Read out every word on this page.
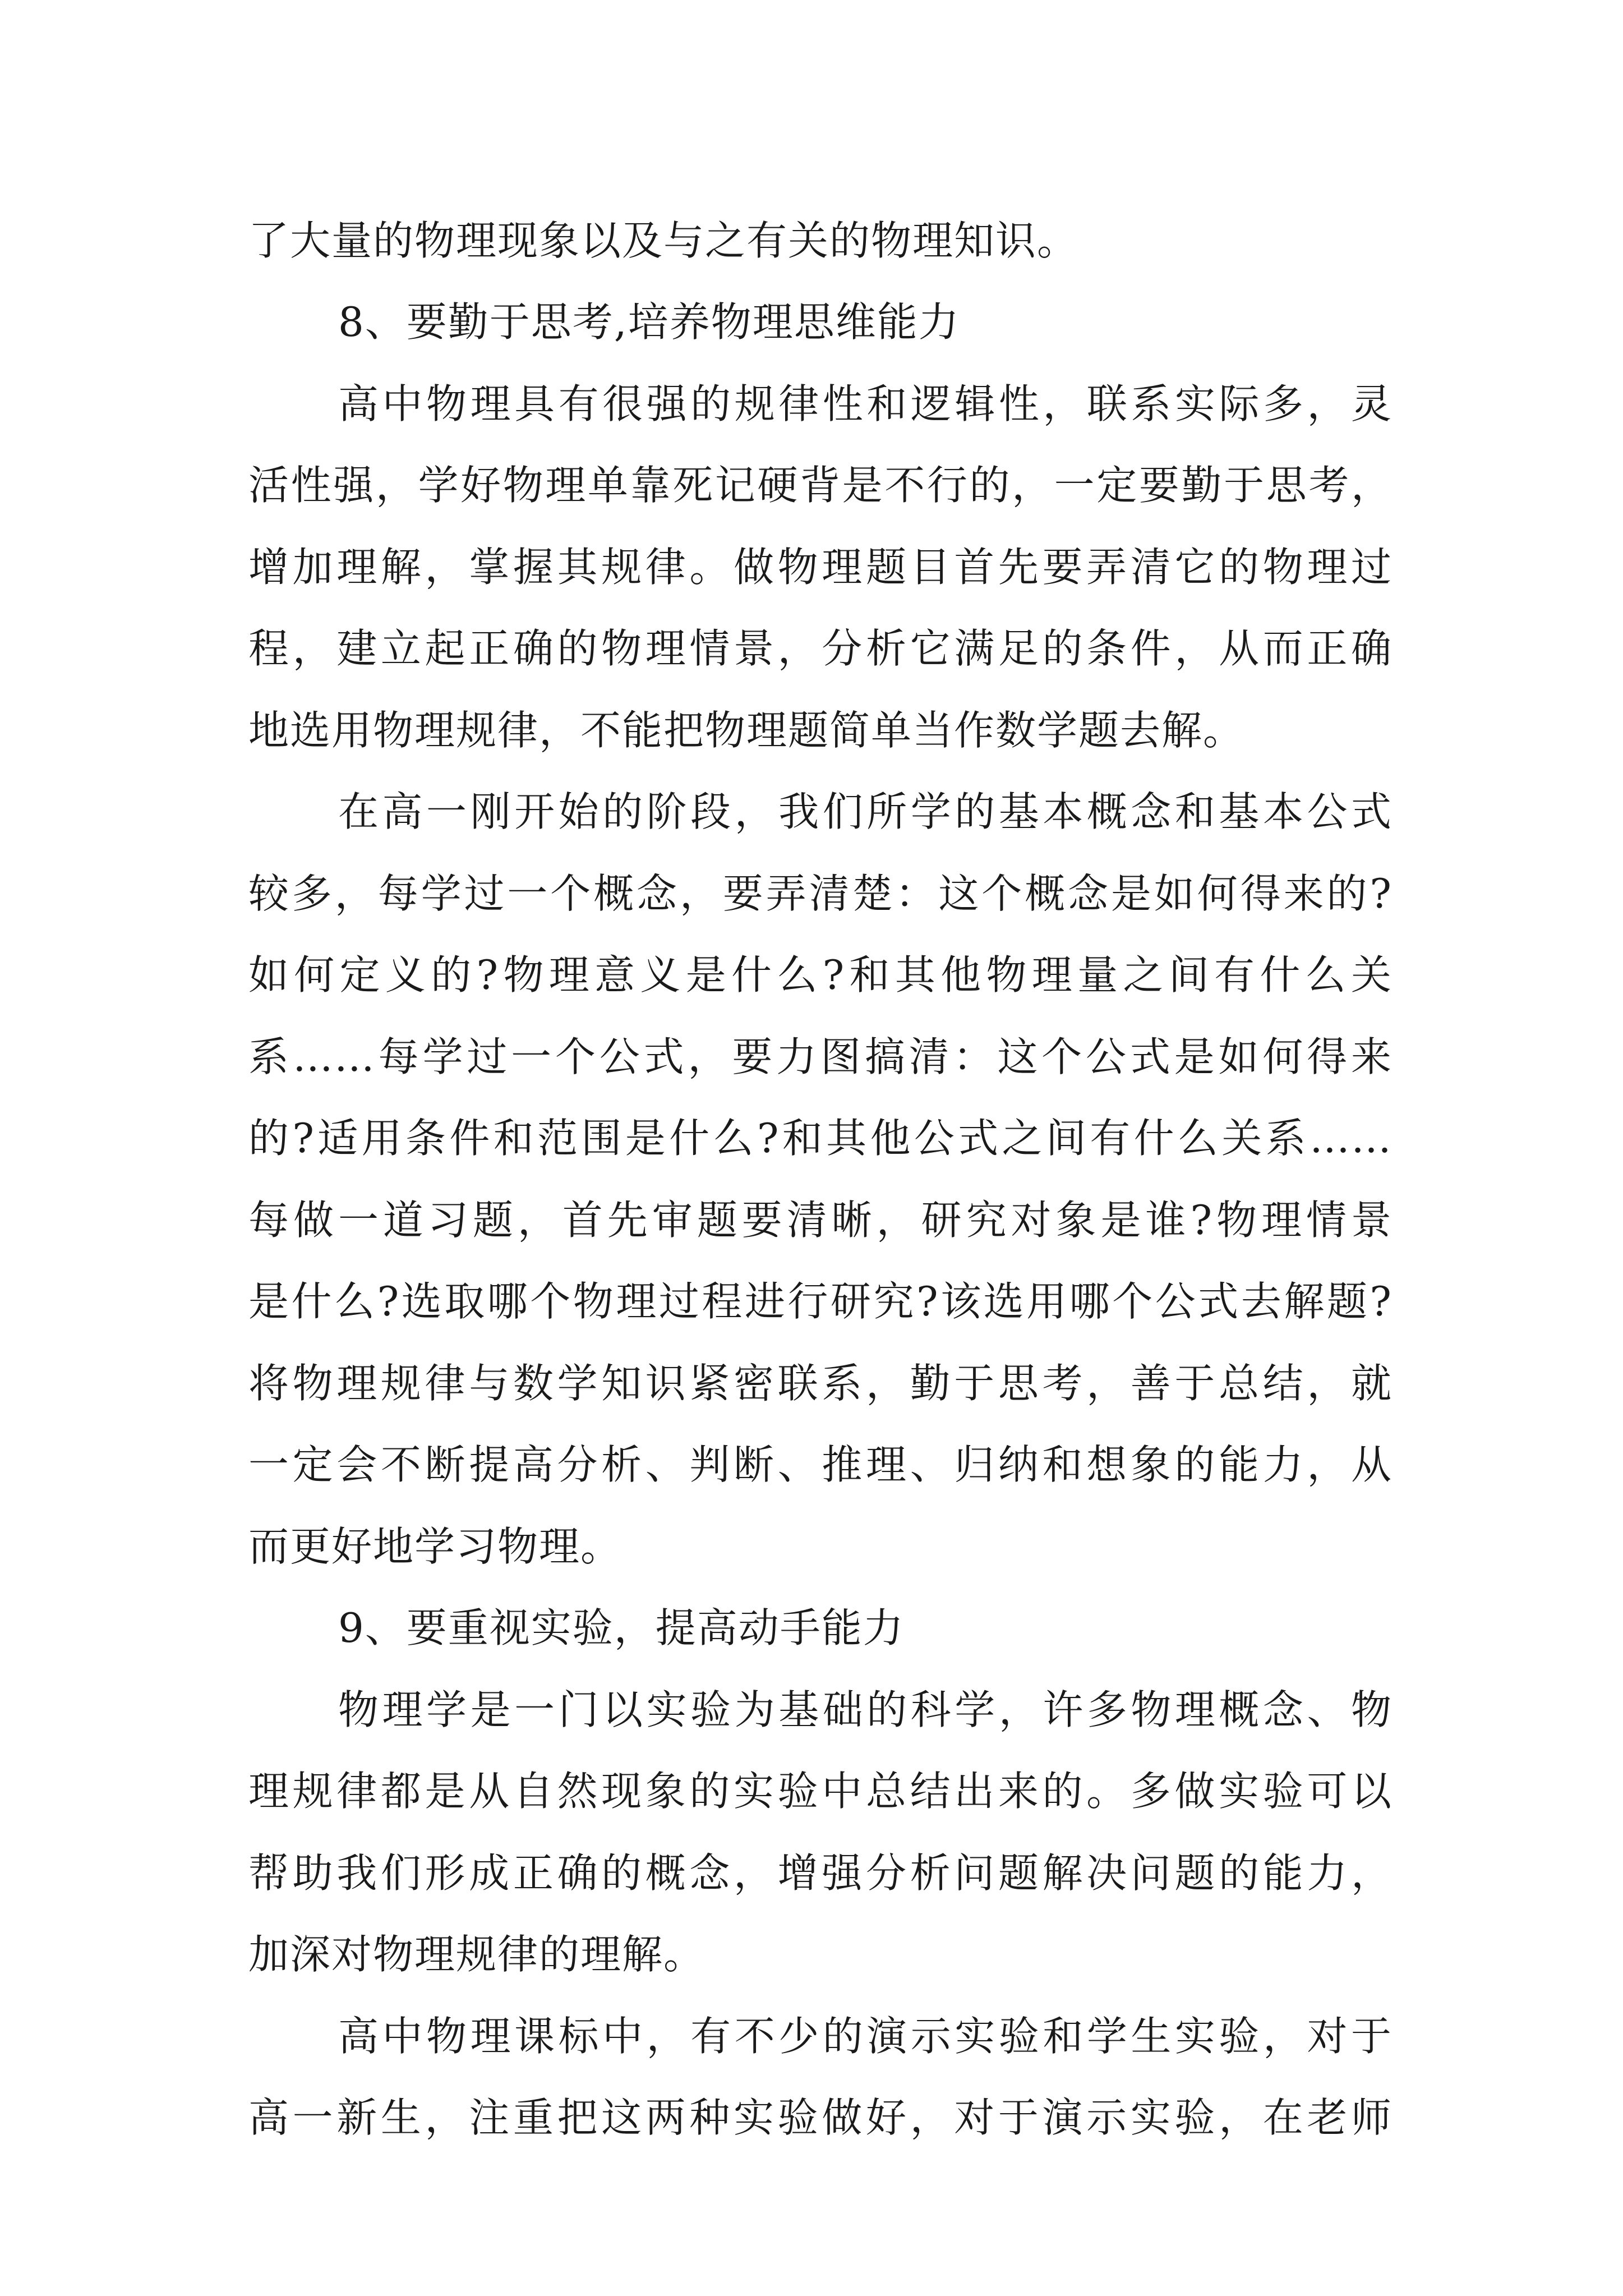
了大量的物理现象以及与之有关的物理知识。
8、要勤于思考,培养物理思维能力
高中物理具有很强的规律性和逻辑性，联系实际多，灵
活性强，学好物理单靠死记硬背是不行的，一定要勤于思考，
增加理解，掌握其规律。做物理题目首先要弄清它的物理过
程，建立起正确的物理情景，分析它满足的条件，从而正确
地选用物理规律，不能把物理题简单当作数学题去解。
在高一刚开始的阶段，我们所学的基本概念和基本公式
较多，每学过一个概念，要弄清楚：这个概念是如何得来的?
如何定义的?物理意义是什么?和其他物理量之间有什么关
系……每学过一个公式，要力图搞清：这个公式是如何得来
的?适用条件和范围是什么?和其他公式之间有什么关系……
每做一道习题，首先审题要清晰，研究对象是谁?物理情景
是什么?选取哪个物理过程进行研究?该选用哪个公式去解题?
将物理规律与数学知识紧密联系，勤于思考，善于总结，就
一定会不断提高分析、判断、推理、归纳和想象的能力，从
而更好地学习物理。
9、要重视实验，提高动手能力
物理学是一门以实验为基础的科学，许多物理概念、物
理规律都是从自然现象的实验中总结出来的。多做实验可以
帮助我们形成正确的概念，增强分析问题解决问题的能力，
加深对物理规律的理解。
高中物理课标中，有不少的演示实验和学生实验，对于
高一新生，注重把这两种实验做好，对于演示实验，在老师
